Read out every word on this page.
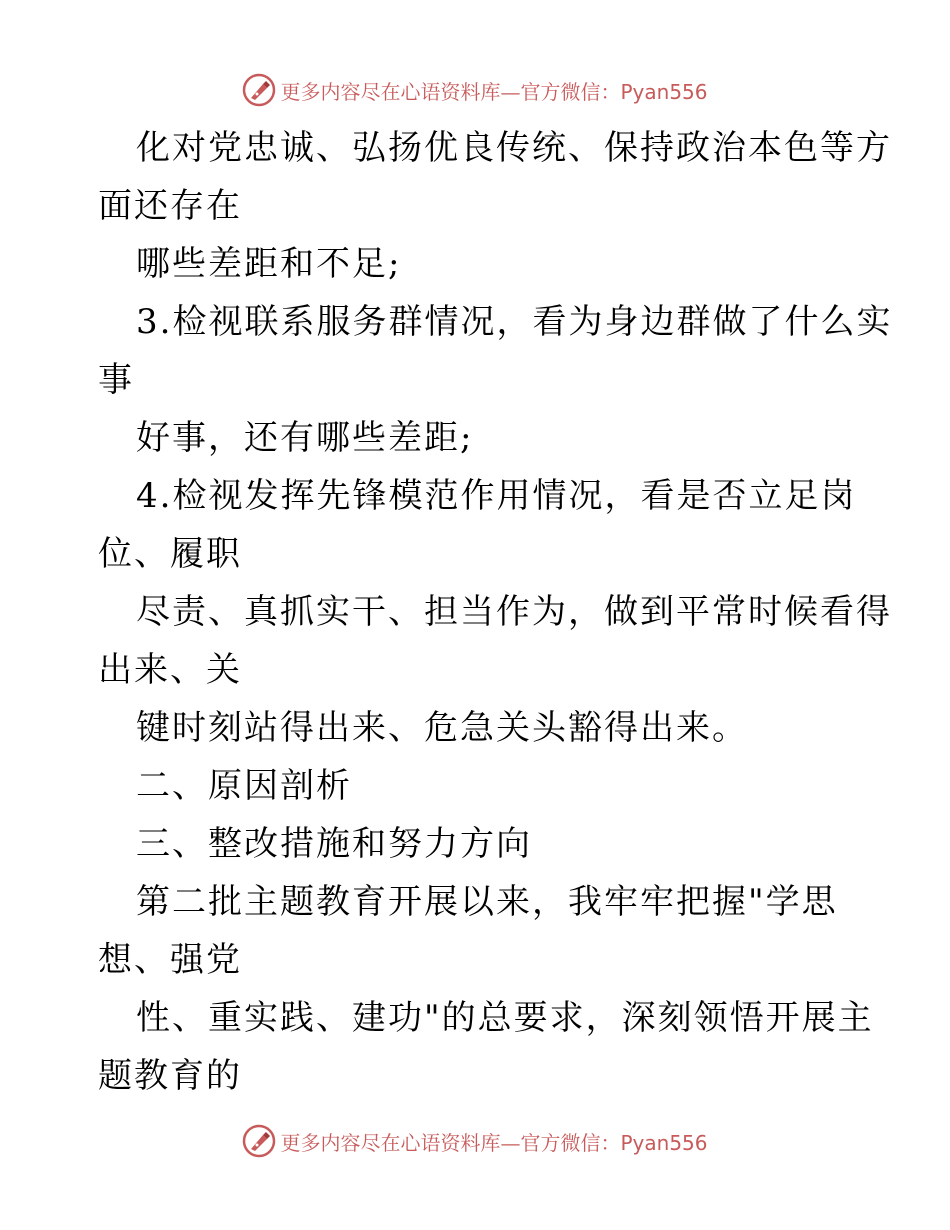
更多内容尽在心语资料库—官方微信：Pyan556
化对党忠诚、弘扬优良传统、保持政治本色等方
面还存在
哪些差距和不足;
3.检视联系服务群情况，看为身边群做了什么实
事
好事，还有哪些差距;
4.检视发挥先锋模范作用情况，看是否立足岗
位、履职
尽责、真抓实干、担当作为，做到平常时候看得
出来、关
键时刻站得出来、危急关头豁得出来。
二、原因剖析
三、整改措施和努力方向
第二批主题教育开展以来，我牢牢把握"学思
想、强党
性、重实践、建功"的总要求，深刻领悟开展主
题教育的
更多内容尽在心语资料库—官方微信：Pyan556
